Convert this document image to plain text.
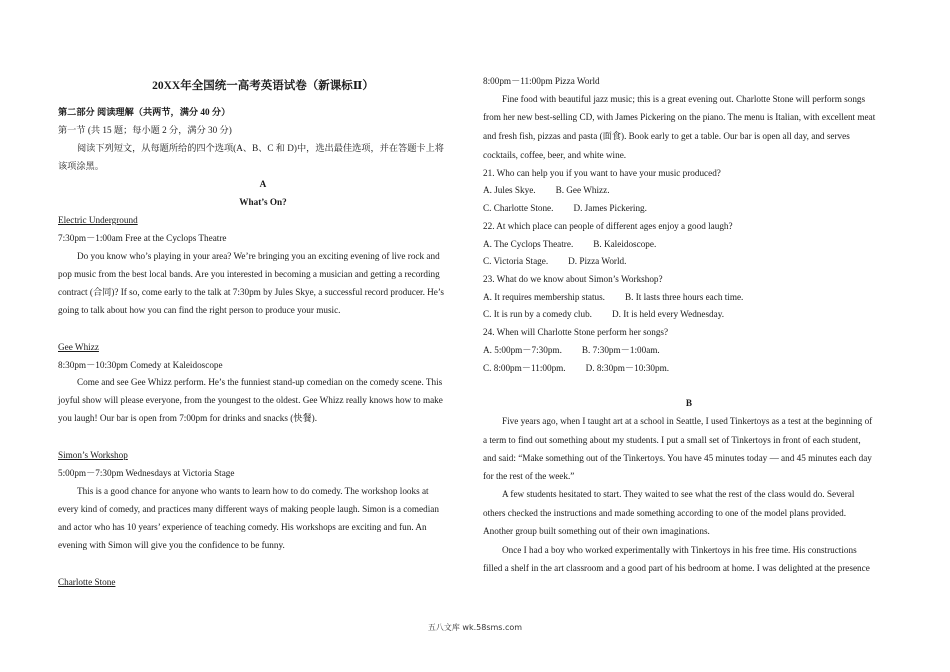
20XX年全国统一高考英语试卷（新课标Ⅱ）
第二部分 阅读理解（共两节，满分 40 分）
第一节 (共 15 题；每小题 2 分，满分 30 分)
阅读下列短文，从每题所给的四个选项(A、B、C 和 D)中，选出最佳选项，并在答题卡上将
该项涂黑。
A
What’s On?
Electric Underground
7:30pm－1:00am Free at the Cyclops Theatre
Do you know who’s playing in your area? We’re bringing you an exciting evening of live rock and
pop music from the best local bands. Are you interested in becoming a musician and getting a recording
contract (合同)? If so, come early to the talk at 7:30pm by Jules Skye, a successful record producer. He’s
going to talk about how you can find the right person to produce your music.
Gee Whizz
8:30pm－10:30pm Comedy at Kaleidoscope
Come and see Gee Whizz perform. He’s the funniest stand-up comedian on the comedy scene. This
joyful show will please everyone, from the youngest to the oldest. Gee Whizz really knows how to make
you laugh! Our bar is open from 7:00pm for drinks and snacks (快餐).
Simon’s Workshop
5:00pm－7:30pm Wednesdays at Victoria Stage
This is a good chance for anyone who wants to learn how to do comedy. The workshop looks at
every kind of comedy, and practices many different ways of making people laugh. Simon is a comedian
and actor who has 10 years’ experience of teaching comedy. His workshops are exciting and fun. An
evening with Simon will give you the confidence to be funny.
Charlotte Stone
8:00pm－11:00pm Pizza World
Fine food with beautiful jazz music; this is a great evening out. Charlotte Stone will perform songs
from her new best-selling CD, with James Pickering on the piano. The menu is Italian, with excellent meat
and fresh fish, pizzas and pasta (面食). Book early to get a table. Our bar is open all day, and serves
cocktails, coffee, beer, and white wine.
21. Who can help you if you want to have your music produced?
A. Jules Skye. B. Gee Whizz.
C. Charlotte Stone. D. James Pickering.
22. At which place can people of different ages enjoy a good laugh?
A. The Cyclops Theatre. B. Kaleidoscope.
C. Victoria Stage. D. Pizza World.
23. What do we know about Simon’s Workshop?
A. It requires membership status. B. It lasts three hours each time.
C. It is run by a comedy club. D. It is held every Wednesday.
24. When will Charlotte Stone perform her songs?
A. 5:00pm－7:30pm. B. 7:30pm－1:00am.
C. 8:00pm－11:00pm. D. 8:30pm－10:30pm.
B
Five years ago, when I taught art at a school in Seattle, I used Tinkertoys as a test at the beginning of
a term to find out something about my students. I put a small set of Tinkertoys in front of each student,
and said: “Make something out of the Tinkertoys. You have 45 minutes today — and 45 minutes each day
for the rest of the week.”
A few students hesitated to start. They waited to see what the rest of the class would do. Several
others checked the instructions and made something according to one of the model plans provided.
Another group built something out of their own imaginations.
Once I had a boy who worked experimentally with Tinkertoys in his free time. His constructions
filled a shelf in the art classroom and a good part of his bedroom at home. I was delighted at the presence
五八文库 wk.58sms.com
